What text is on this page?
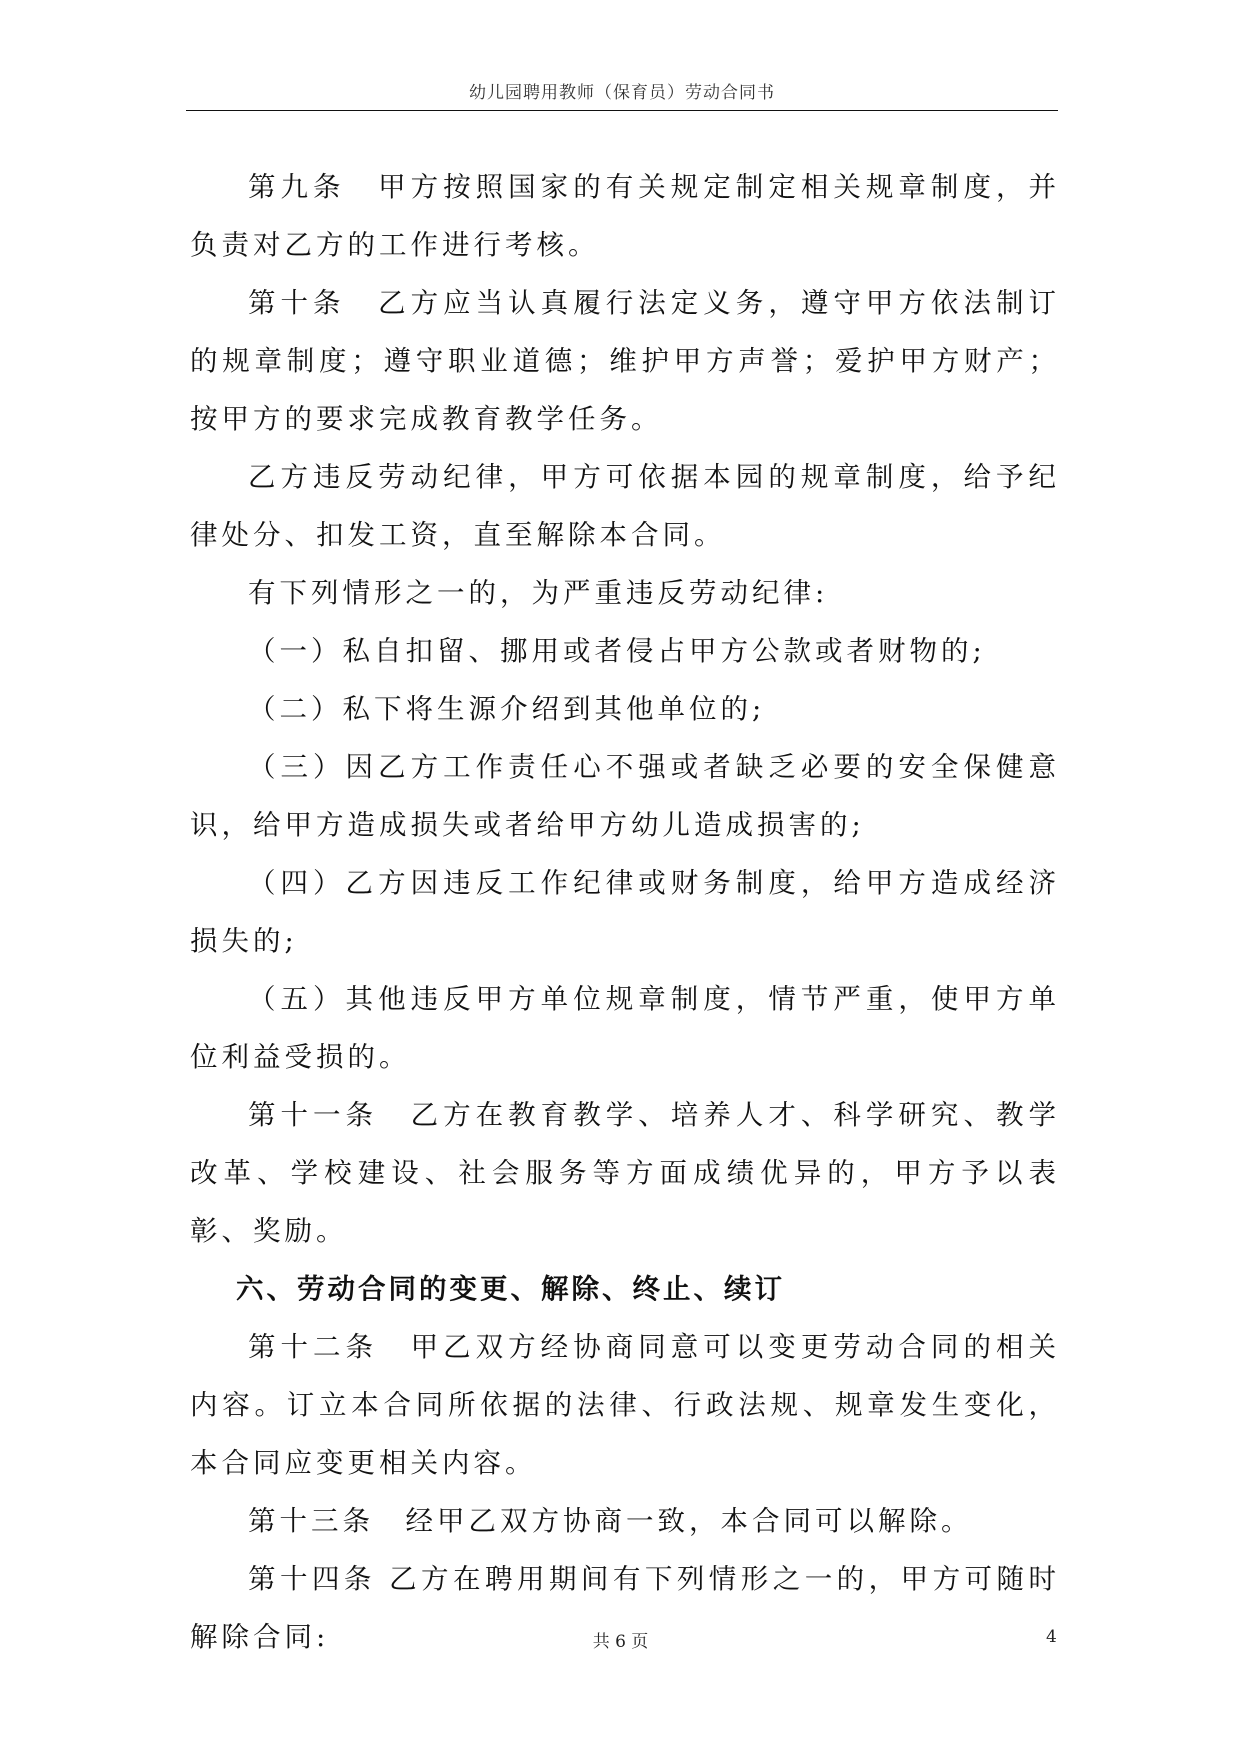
幼儿园聘用教师（保育员）劳动合同书

第九条　甲方按照国家的有关规定制定相关规章制度，并负责对乙方的工作进行考核。

第十条　乙方应当认真履行法定义务，遵守甲方依法制订的规章制度；遵守职业道德；维护甲方声誉；爱护甲方财产；按甲方的要求完成教育教学任务。

乙方违反劳动纪律，甲方可依据本园的规章制度，给予纪律处分、扣发工资，直至解除本合同。

有下列情形之一的，为严重违反劳动纪律:

（一）私自扣留、挪用或者侵占甲方公款或者财物的;

（二）私下将生源介绍到其他单位的;

（三）因乙方工作责任心不强或者缺乏必要的安全保健意识，给甲方造成损失或者给甲方幼儿造成损害的;

（四）乙方因违反工作纪律或财务制度，给甲方造成经济损失的;

（五）其他违反甲方单位规章制度，情节严重，使甲方单位利益受损的。

第十一条　乙方在教育教学、培养人才、科学研究、教学改革、学校建设、社会服务等方面成绩优异的，甲方予以表彰、奖励。

六、劳动合同的变更、解除、终止、续订

第十二条　甲乙双方经协商同意可以变更劳动合同的相关内容。订立本合同所依据的法律、行政法规、规章发生变化，本合同应变更相关内容。

第十三条　经甲乙双方协商一致，本合同可以解除。

第十四条 乙方在聘用期间有下列情形之一的，甲方可随时解除合同:	共 6 页	4
